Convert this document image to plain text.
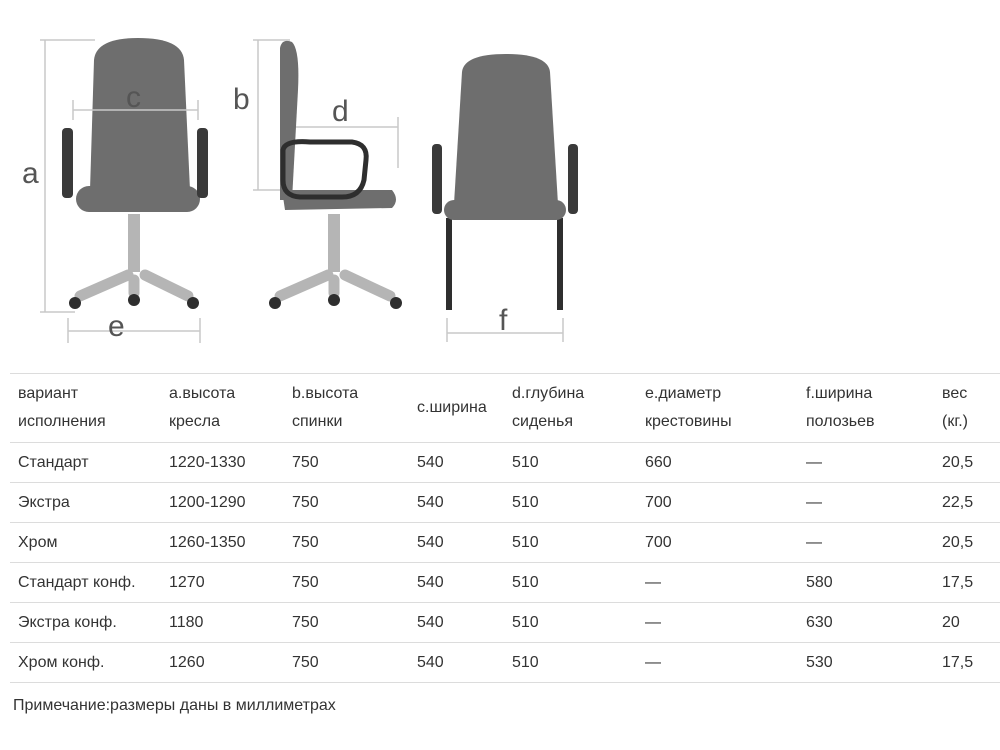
a
c
e
b	d
f
вариант исполнения	a.высота кресла	b.высота спинки	c.ширина	d.глубина сиденья	e.диаметр крестовины	f.ширина полозьев	вес (кг.)
Стандарт	1220-1330	750	540	510	660	—	20,5
Экстра	1200-1290	750	540	510	700	—	22,5
Хром	1260-1350	750	540	510	700	—	20,5
Стандарт конф.	1270	750	540	510	—	580	17,5
Экстра конф.	1180	750	540	510	—	630	20
Хром конф.	1260	750	540	510	—	530	17,5
Примечание:размеры даны в миллиметрах
